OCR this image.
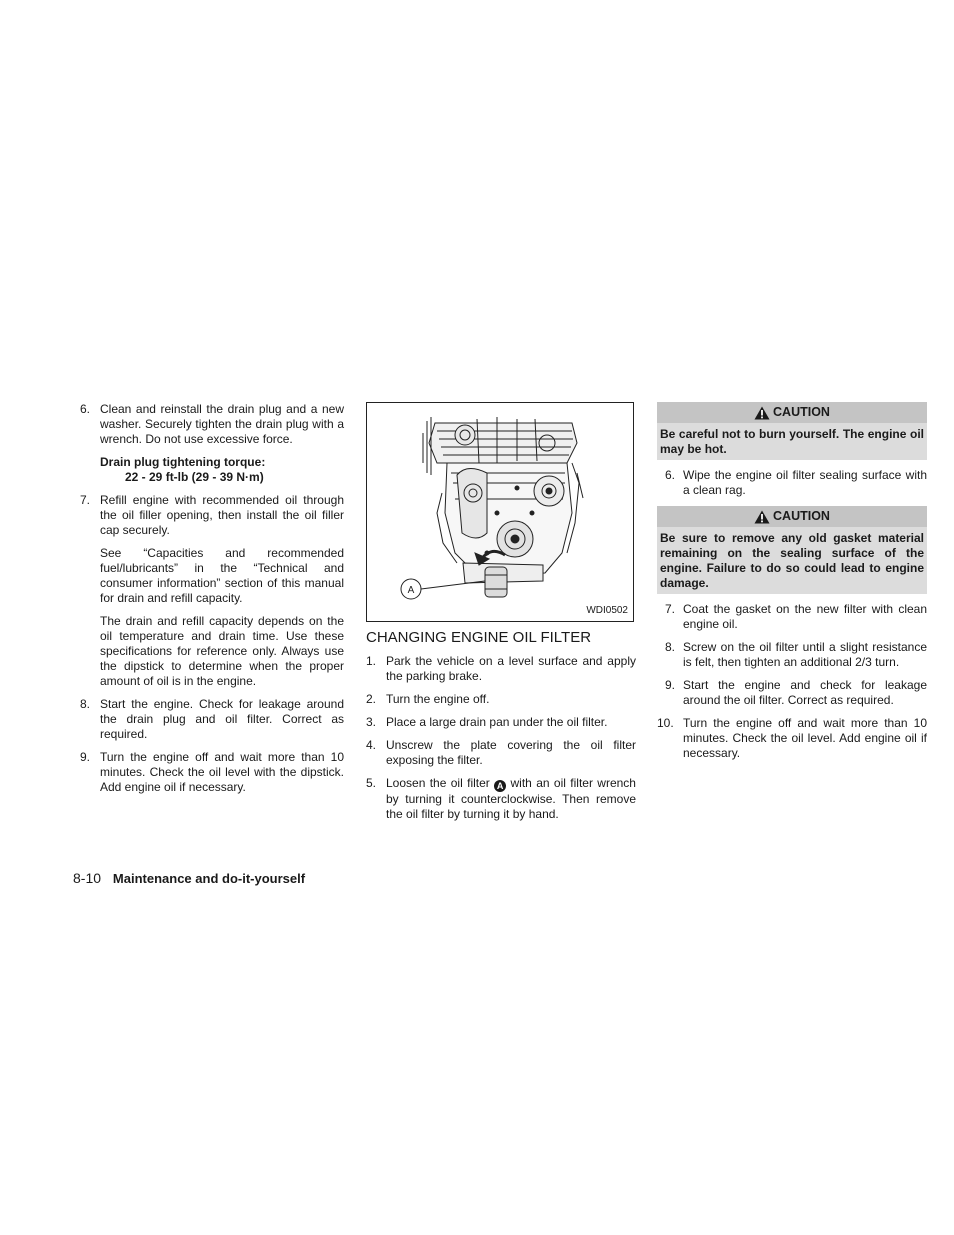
6. Clean and reinstall the drain plug and a new washer. Securely tighten the drain plug with a wrench. Do not use excessive force.
Drain plug tightening torque:
22 - 29 ft-lb (29 - 39 N·m)
7. Refill engine with recommended oil through the oil filler opening, then install the oil filler cap securely.
See “Capacities and recommended fuel/lubricants” in the “Technical and consumer information” section of this manual for drain and refill capacity.
The drain and refill capacity depends on the oil temperature and drain time. Use these specifications for reference only. Always use the dipstick to determine when the proper amount of oil is in the engine.
8. Start the engine. Check for leakage around the drain plug and oil filter. Correct as required.
9. Turn the engine off and wait more than 10 minutes. Check the oil level with the dipstick. Add engine oil if necessary.
A
WDI0502
CHANGING ENGINE OIL FILTER
1. Park the vehicle on a level surface and apply the parking brake.
2. Turn the engine off.
3. Place a large drain pan under the oil filter.
4. Unscrew the plate covering the oil filter exposing the filter.
5. Loosen the oil filter A with an oil filter wrench by turning it counterclockwise. Then remove the oil filter by turning it by hand.
CAUTION
Be careful not to burn yourself. The engine oil may be hot.
6. Wipe the engine oil filter sealing surface with a clean rag.
CAUTION
Be sure to remove any old gasket material remaining on the sealing surface of the engine. Failure to do so could lead to engine damage.
7. Coat the gasket on the new filter with clean engine oil.
8. Screw on the oil filter until a slight resistance is felt, then tighten an additional 2/3 turn.
9. Start the engine and check for leakage around the oil filter. Correct as required.
10. Turn the engine off and wait more than 10 minutes. Check the oil level. Add engine oil if necessary.
8-10 Maintenance and do-it-yourself
